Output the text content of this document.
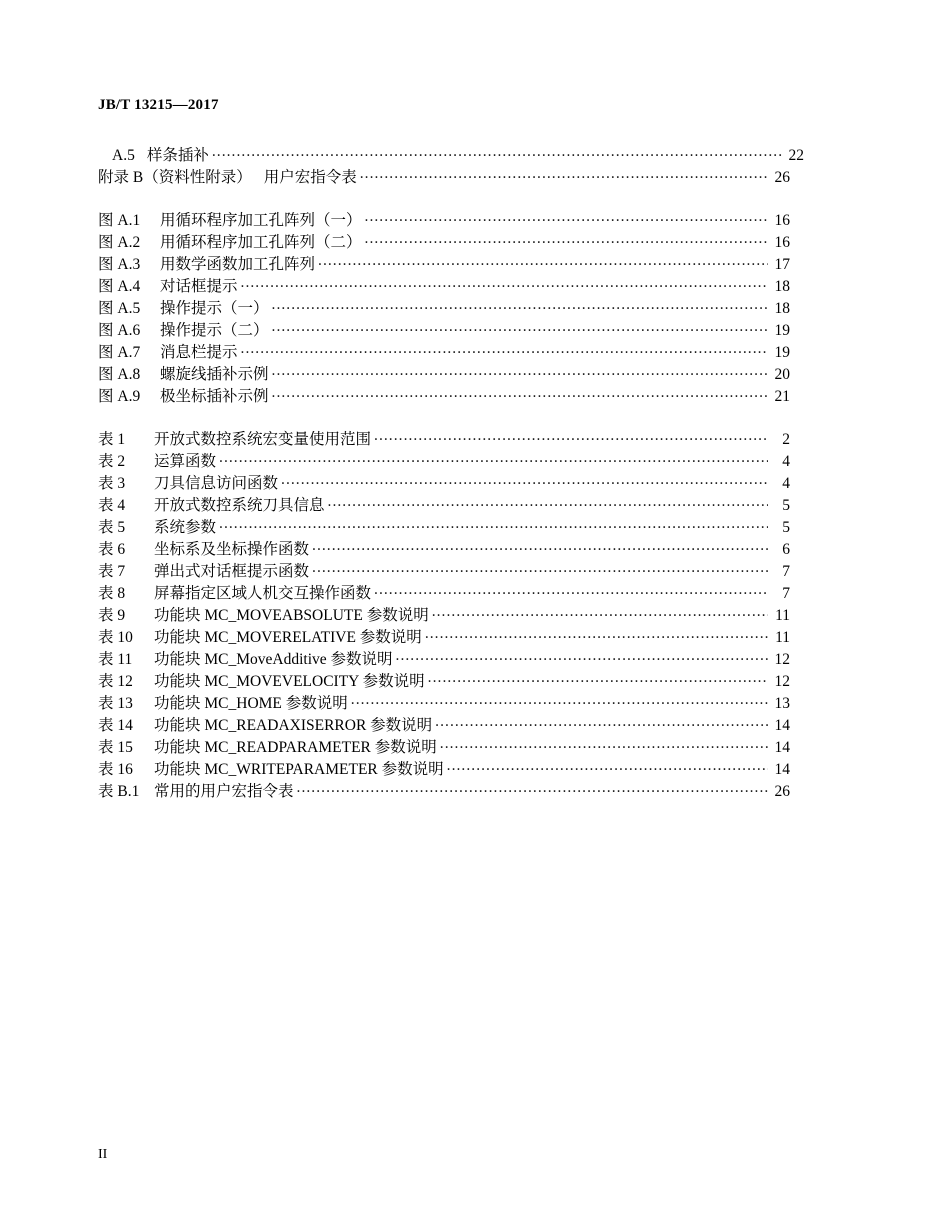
JB/T 13215—2017
A.5 样条插补 .....	22
附录 B（资料性附录） 用户宏指令表 .....	26
图 A.1	用循环程序加工孔阵列（一） .....	16
图 A.2	用循环程序加工孔阵列（二） .....	16
图 A.3	用数学函数加工孔阵列 .....	17
图 A.4	对话框提示 .....	18
图 A.5	操作提示（一） .....	18
图 A.6	操作提示（二） .....	19
图 A.7	消息栏提示 .....	19
图 A.8	螺旋线插补示例 .....	20
图 A.9	极坐标插补示例 .....	21
表 1	开放式数控系统宏变量使用范围 .....	2
表 2	运算函数 .....	4
表 3	刀具信息访问函数 .....	4
表 4	开放式数控系统刀具信息 .....	5
表 5	系统参数 .....	5
表 6	坐标系及坐标操作函数 .....	6
表 7	弹出式对话框提示函数 .....	7
表 8	屏幕指定区域人机交互操作函数 .....	7
表 9	功能块 MC_MOVEABSOLUTE 参数说明 .....	11
表 10	功能块 MC_MOVERELATIVE 参数说明 .....	11
表 11	功能块 MC_MoveAdditive 参数说明 .....	12
表 12	功能块 MC_MOVEVELOCITY 参数说明 .....	12
表 13	功能块 MC_HOME 参数说明 .....	13
表 14	功能块 MC_READAXISERROR 参数说明 .....	14
表 15	功能块 MC_READPARAMETER 参数说明 .....	14
表 16	功能块 MC_WRITEPARAMETER 参数说明 .....	14
表 B.1 常用的用户宏指令表 .....	26
II
